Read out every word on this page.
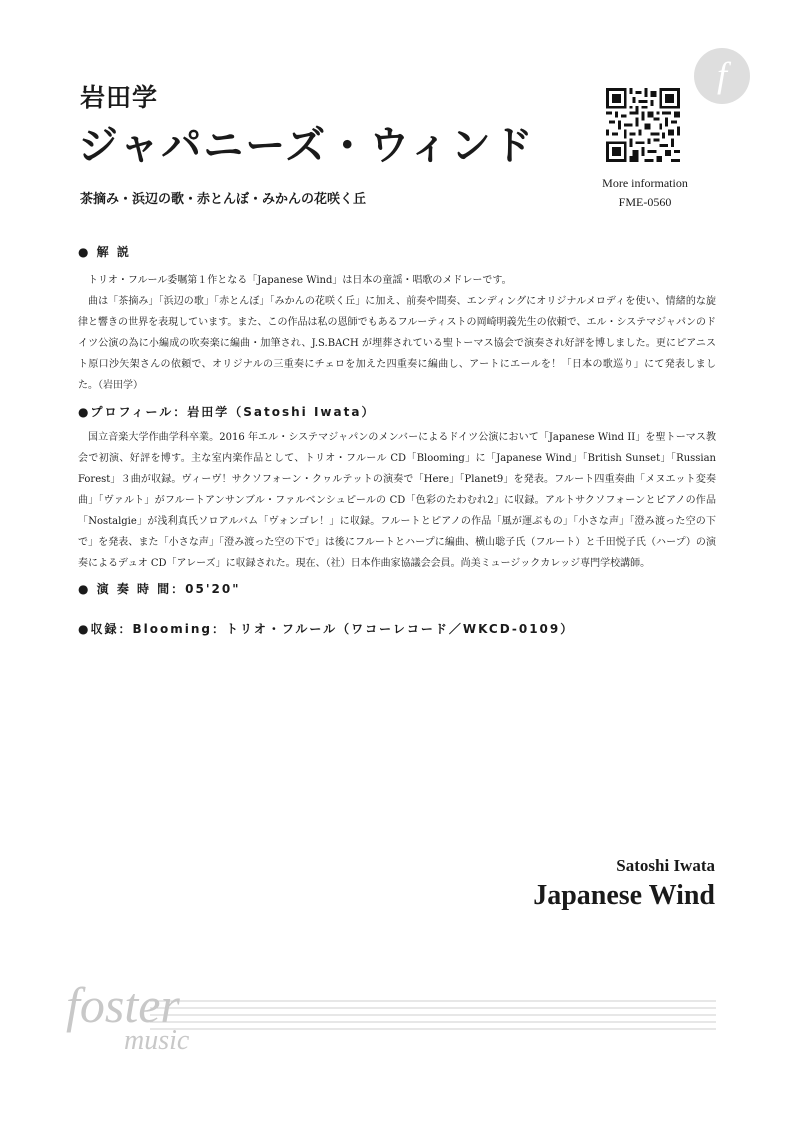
岩田学
ジャパニーズ・ウィンド
茶摘み・浜辺の歌・赤とんぼ・みかんの花咲く丘
f
More information
FME-0560
● 解 説

トリオ・フルール委嘱第１作となる「Japanese Wind」は日本の童謡・唱歌のメドレーです。

曲は「茶摘み」「浜辺の歌」「赤とんぼ」「みかんの花咲く丘」に加え、前奏や間奏、エンディングにオリジナルメロディを使い、情緒的な旋律と響きの世界を表現しています。また、この作品は私の恩師でもあるフルーティストの岡崎明義先生の依頼で、エル・システマジャパンのドイツ公演の為に小編成の吹奏楽に編曲・加筆され、J.S.BACH が埋葬されている聖トーマス協会で演奏され好評を博しました。更にピアニスト原口沙矢架さんの依頼で、オリジナルの三重奏にチェロを加えた四重奏に編曲し、アートにエールを！「日本の歌巡り」にて発表しました。（岩田学）

●プロフィール：岩田学（Satoshi Iwata）

国立音楽大学作曲学科卒業。2016 年エル・システマジャパンのメンバーによるドイツ公演において「Japanese Wind II」を聖トーマス教会で初演、好評を博す。主な室内楽作品として、トリオ・フルール CD「Blooming」に「Japanese Wind」「British Sunset」「Russian Forest」３曲が収録。ヴィーヴ！サクソフォーン・クヮルテットの演奏で「Here」「Planet9」を発表。フルート四重奏曲「メヌエット変奏曲」「ヴァルト」がフルートアンサンブル・ファルベンシュピールの CD「色彩のたわむれ2」に収録。アルトサクソフォーンとピアノの作品「Nostalgie」が浅利真氏ソロアルバム「ヴォンゴレ！」に収録。フルートとピアノの作品「風が運ぶもの」「小さな声」「澄み渡った空の下で」を発表、また「小さな声」「澄み渡った空の下で」は後にフルートとハープに編曲、横山聡子氏（フルート）と千田悦子氏（ハープ）の演奏によるデュオ CD「アレーズ」に収録された。現在、（社）日本作曲家協議会会員。尚美ミュージックカレッジ専門学校講師。

● 演 奏 時 間：05'20"
●収録：Blooming：トリオ・フルール（ワコーレコード／WKCD-0109）
Satoshi Iwata
Japanese Wind
foster
music
